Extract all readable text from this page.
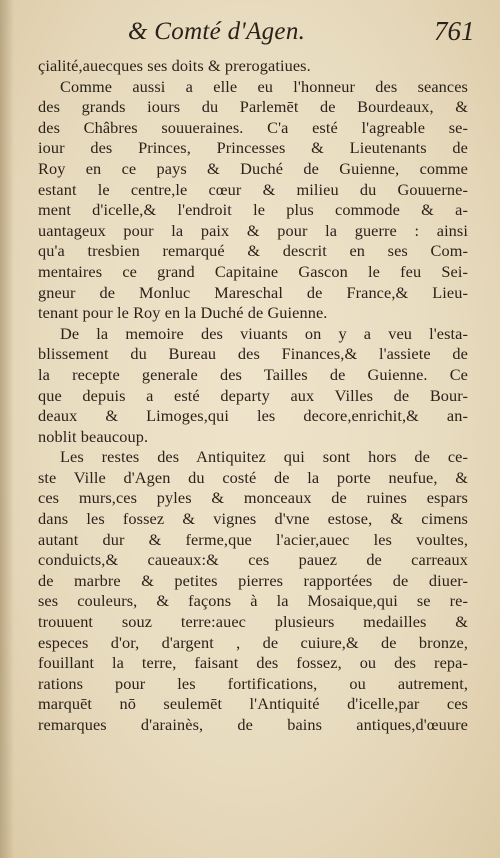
& Comté d'Agen.	761
çialité,auecques ses doits & prerogatiues.
Comme aussi a elle eu l'honneur des seances
des grands iours du Parlemēt de Bourdeaux, &
des Châbres souueraines. C'a esté l'agreable se-
iour des Princes, Princesses & Lieutenants de
Roy en ce pays & Duché de Guienne, comme
estant le centre,le cœur & milieu du Gouuerne-
ment d'icelle,& l'endroit le plus commode & a-
uantageux pour la paix & pour la guerre : ainsi
qu'a tresbien remarqué & descrit en ses Com-
mentaires ce grand Capitaine Gascon le feu Sei-
gneur de Monluc Mareschal de France,& Lieu-
tenant pour le Roy en la Duché de Guienne.
De la memoire des viuants on y a veu l'esta-
blissement du Bureau des Finances,& l'assiete de
la recepte generale des Tailles de Guienne. Ce
que depuis a esté departy aux Villes de Bour-
deaux & Limoges,qui les decore,enrichit,& an-
noblit beaucoup.
Les restes des Antiquitez qui sont hors de ce-
ste Ville d'Agen du costé de la porte neufue, &
ces murs,ces pyles & monceaux de ruines espars
dans les fossez & vignes d'vne estose, & cimens
autant dur & ferme,que l'acier,auec les voultes,
conduicts,& caueaux:& ces pauez de carreaux
de marbre & petites pierres rapportées de diuer-
ses couleurs, & façons à la Mosaique,qui se re-
trouuent souz terre:auec plusieurs medailles &
especes d'or, d'argent , de cuiure,& de bronze,
fouillant la terre, faisant des fossez, ou des repa-
rations pour les fortifications, ou autrement,
marquēt nō seulemēt l'Antiquité d'icelle,par ces
remarques d'arainès, de bains antiques,d'œuure
